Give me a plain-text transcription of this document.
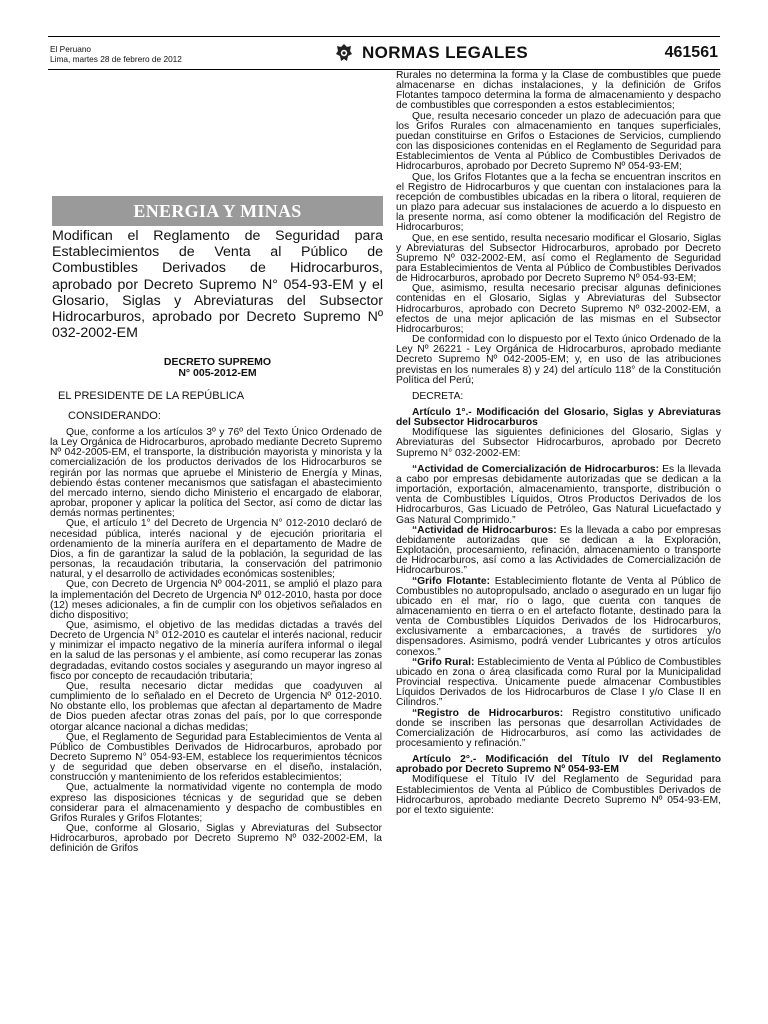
El Peruano
Lima, martes 28 de febrero de 2012	NORMAS LEGALES	461561
ENERGIA Y MINAS
Modifican el Reglamento de Seguridad para Establecimientos de Venta al Público de Combustibles Derivados de Hidrocarburos, aprobado por Decreto Supremo N° 054-93-EM y el Glosario, Siglas y Abreviaturas del Subsector Hidrocarburos, aprobado por Decreto Supremo Nº 032-2002-EM
DECRETO SUPREMO
N° 005-2012-EM
EL PRESIDENTE DE LA REPÚBLICA
CONSIDERANDO:

Que, conforme a los artículos 3º y 76º del Texto Único Ordenado de la Ley Orgánica de Hidrocarburos, aprobado mediante Decreto Supremo Nº 042-2005-EM, el transporte, la distribución mayorista y minorista y la comercialización de los productos derivados de los Hidrocarburos se regirán por las normas que apruebe el Ministerio de Energía y Minas, debiendo éstas contener mecanismos que satisfagan el abastecimiento del mercado interno, siendo dicho Ministerio el encargado de elaborar, aprobar, proponer y aplicar la política del Sector, así como de dictar las demás normas pertinentes;

Que, el artículo 1° del Decreto de Urgencia N° 012-2010 declaró de necesidad pública, interés nacional y de ejecución prioritaria el ordenamiento de la minería aurífera en el departamento de Madre de Dios, a fin de garantizar la salud de la población, la seguridad de las personas, la recaudación tributaria, la conservación del patrimonio natural, y el desarrollo de actividades económicas sostenibles;

Que, con Decreto de Urgencia Nº 004-2011, se amplió el plazo para la implementación del Decreto de Urgencia Nº 012-2010, hasta por doce (12) meses adicionales, a fin de cumplir con los objetivos señalados en dicho dispositivo;

Que, asimismo, el objetivo de las medidas dictadas a través del Decreto de Urgencia N° 012-2010 es cautelar el interés nacional, reducir y minimizar el impacto negativo de la minería aurífera informal o ilegal en la salud de las personas y el ambiente, así como recuperar las zonas degradadas, evitando costos sociales y asegurando un mayor ingreso al fisco por concepto de recaudación tributaria;

Que, resulta necesario dictar medidas que coadyuven al cumplimiento de lo señalado en el Decreto de Urgencia Nº 012-2010. No obstante ello, los problemas que afectan al departamento de Madre de Dios pueden afectar otras zonas del país, por lo que corresponde otorgar alcance nacional a dichas medidas;

Que, el Reglamento de Seguridad para Establecimientos de Venta al Público de Combustibles Derivados de Hidrocarburos, aprobado por Decreto Supremo N° 054-93-EM, establece los requerimientos técnicos y de seguridad que deben observarse en el diseño, instalación, construcción y mantenimiento de los referidos establecimientos;

Que, actualmente la normatividad vigente no contempla de modo expreso las disposiciones técnicas y de seguridad que se deben considerar para el almacenamiento y despacho de combustibles en Grifos Rurales y Grifos Flotantes;

Que, conforme al Glosario, Siglas y Abreviaturas del Subsector Hidrocarburos, aprobado por Decreto Supremo Nº 032-2002-EM, la definición de Grifos

Rurales no determina la forma y la Clase de combustibles que puede almacenarse en dichas instalaciones, y la definición de Grifos Flotantes tampoco determina la forma de almacenamiento y despacho de combustibles que corresponden a estos establecimientos;

Que, resulta necesario conceder un plazo de adecuación para que los Grifos Rurales con almacenamiento en tanques superficiales, puedan constituirse en Grifos o Estaciones de Servicios, cumpliendo con las disposiciones contenidas en el Reglamento de Seguridad para Establecimientos de Venta al Público de Combustibles Derivados de Hidrocarburos, aprobado por Decreto Supremo Nº 054-93-EM;

Que, los Grifos Flotantes que a la fecha se encuentran inscritos en el Registro de Hidrocarburos y que cuentan con instalaciones para la recepción de combustibles ubicadas en la ribera o litoral, requieren de un plazo para adecuar sus instalaciones de acuerdo a lo dispuesto en la presente norma, así como obtener la modificación del Registro de Hidrocarburos;

Que, en ese sentido, resulta necesario modificar el Glosario, Siglas y Abreviaturas del Subsector Hidrocarburos, aprobado por Decreto Supremo Nº 032-2002-EM, así como el Reglamento de Seguridad para Establecimientos de Venta al Público de Combustibles Derivados de Hidrocarburos, aprobado por Decreto Supremo Nº 054-93-EM;

Que, asimismo, resulta necesario precisar algunas definiciones contenidas en el Glosario, Siglas y Abreviaturas del Subsector Hidrocarburos, aprobado con Decreto Supremo Nº 032-2002-EM, a efectos de una mejor aplicación de las mismas en el Subsector Hidrocarburos;

De conformidad con lo dispuesto por el Texto único Ordenado de la Ley Nº 26221 - Ley Orgánica de Hidrocarburos, aprobado mediante Decreto Supremo Nº 042-2005-EM; y, en uso de las atribuciones previstas en los numerales 8) y 24) del artículo 118° de la Constitución Política del Perú;

DECRETA:

Artículo 1°.- Modificación del Glosario, Siglas y Abreviaturas del Subsector Hidrocarburos

Modifíquese las siguientes definiciones del Glosario, Siglas y Abreviaturas del Subsector Hidrocarburos, aprobado por Decreto Supremo N° 032-2002-EM:

“Actividad de Comercialización de Hidrocarburos: Es la llevada a cabo por empresas debidamente autorizadas que se dedican a la importación, exportación, almacenamiento, transporte, distribución o venta de Combustibles Líquidos, Otros Productos Derivados de los Hidrocarburos, Gas Licuado de Petróleo, Gas Natural Licuefactado y Gas Natural Comprimido.”

“Actividad de Hidrocarburos: Es la llevada a cabo por empresas debidamente autorizadas que se dedican a la Exploración, Explotación, procesamiento, refinación, almacenamiento o transporte de Hidrocarburos, así como a las Actividades de Comercialización de Hidrocarburos.”

“Grifo Flotante: Establecimiento flotante de Venta al Público de Combustibles no autopropulsado, anclado o asegurado en un lugar fijo ubicado en el mar, río o lago, que cuenta con tanques de almacenamiento en tierra o en el artefacto flotante, destinado para la venta de Combustibles Líquidos Derivados de los Hidrocarburos, exclusivamente a embarcaciones, a través de surtidores y/o dispensadores. Asimismo, podrá vender Lubricantes y otros artículos conexos.”

“Grifo Rural: Establecimiento de Venta al Público de Combustibles ubicado en zona o área clasificada como Rural por la Municipalidad Provincial respectiva. Únicamente puede almacenar Combustibles Líquidos Derivados de los Hidrocarburos de Clase I y/o Clase II en Cilindros.”

“Registro de Hidrocarburos: Registro constitutivo unificado donde se inscriben las personas que desarrollan Actividades de Comercialización de Hidrocarburos, así como las actividades de procesamiento y refinación.”

Artículo 2°.- Modificación del Título IV del Reglamento aprobado por Decreto Supremo Nº 054-93-EM

Modifíquese el Título IV del Reglamento de Seguridad para Establecimientos de Venta al Público de Combustibles Derivados de Hidrocarburos, aprobado mediante Decreto Supremo Nº 054-93-EM, por el texto siguiente:
